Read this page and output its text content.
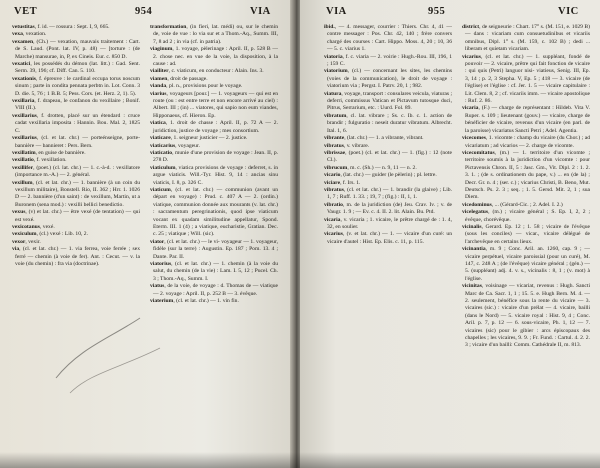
VET	954	VIA

vetustitas, f. id. — rossura : Sept. I, 9, 665.

vexa, vexation.

vexamen, (Ch.) — vexation, mauvais traitement : Cart. de S. Laud. (Pont. lat. IV, p. 48) — [torture : (de Marche) mansurae, in, P, ex Cineis. Eur. c. 850 D.

vexatici, les possédés du démon (lat. litt.) : Gad. Sent. Serm. 39, 196; cf. Diff. Can. 5. 110.

vexationis, f. épreuve : le cardinal eccupa torus noscum sinum ; parte in condita pennata perbtn in. Lot. Conn. 3 D. die. 5, 76 ; 1 B.B. 5; Pess. Cors. (et. Herz. 2, 1). 5).

vexillaria, f. drapeau, le confanon du vexillaire ; Bonif. VIII (II.).

vexillarius, f. drotten, placé sur un étendard : cruce cadat vexillaria imposita : Hannin. Bou. Mal. 2, 1825 C.

vexillarius, (cl. et lat. chr.) — porteénseigne, porte-bannière — bannieret : Pers. Bern.

vexillatim, en guise de bannière.

vexillatio, f. vexillation.

vexillifer, (poet.) (cl. lat. chr.) — 1. c.-à-d. : vexillatore (importance m.-A.) — 2. général.

vexillum, (cl. et lat. chr.) — 1. bannière (à un coin du vexillum militaire), Bonstell. Rio, II. 362 ; Hrr. 1. 1026 D — 2. bannière (d'un saint) : de vexillum, Martin, ut a Buronem (sena mod.) : vexilli bellici benedictio.

vexus, (v) et lat. chr.) — être vexé (de tentation) — qui est vexé.

vexicotanus, vexé.

vexiculum, (cl.) vexé : Lib. 10, 2.

vexor, vexir.

via, (cl. et lat. chr.) — 1. via ferrea, voie ferrée ; sex ferré — chemin (à voie de fer). Ant. : Cecut. — v. la voie (du chemin) : fra via (doctrinae).

transformation, (in fieri, lat. médi) ou, sur le chemin de, voie de vue : lo via sur et a Thom.-Aq., Summ. III, 7, 8 ad 2 ; in via (cf. in patria).

viaginum, 1. voyage, pèlerinage : April. II, p. 528 B — 2. chose nec. en vue de la voie, la disposition, à la cause : ad.

viailiter, c. viaticum, en conducteur : Alain. Ins. 3.

viamen, droit de passage.

vianda, pl. n., provisions pour le voyage.

viarius, voyageurs [pour.] — 1. voyageurs — qui est en route (ou : est entre terre et non encore arrivé au ciel) : Albert. III ; (in) ... viatores, qui sapio non eum viandes, Hipponaeus, cf. Hieron. Ep.

viatica, 1. droit de chasse : April. II, p. 72 A — 2. juridiction, justice de voyage ; mes consortium.

viaticare, 1. seigneur justicier — 2. justice.

viaticarius, voyageur.

viaticatio, munie d'une provision de voyage : Jean. II, p. 278 D.

viaticulum, viatica provisions de voyage : deferret, s. in argue viaticis. Will.-Tyr. Hist. 9, 14 : ancias sinu viaticis, I. 8, p. 326 C.

viaticum, (cl. et lat. chr.) — communion (avant un départ en voyage) : Prud. c. 407 A — 2. (ordin.) viatique, communion donnée aux mourants (v. lat. chr.) : sacramentum peregrinationis, quod ipse viaticum vocant ex quadam similitudine appellatur, Spond. Eterm. III. 1 (4) ; a viatique, eucharistie, Gratian. Dec. c. 25 ; viatique ; Will. (sic).

viator, (cl. et lat. chr.) — le vi- voyageur — 1. voyageur, fidèle (sur la terre) : Augustin. Ep. 187 ; Pom. 13. 4 ; Dante. Par. II.

viatorius, (cl. et lat. chr.) — 1. chemin (à la voie du salut, du chemin (de la vie) : Lam. I. 5, 12 ; Pucel. Ch. 3 ; Thom.-Aq., Summ. I.

viatus, de la voie, de voyage : d. Thomas de — viatique — 2. voyage : April. II, p. 252 B — 3. évêque.

viaterium, (cl. et lat. chr.) — 1. vin fin.

VIA	955	VIC

ibid., — 4. messager, courrier : Thiers. Chr. 4, 41 — contre messager : Pos. Chr. 42, 140 ; frère convers chargé des courses : Cart. Hippo. Moss. 4, 20 ; 10, 36 — 5. c. viarius 1.

viatoria, f. c. viaria — 2. voirie : Hugh.-Rou. III, 196, 1 ; 159 C.

viatorium, (cl.) — concernant les sites, les chemins (voies de la communication), le droit de voyage : viatorium via ; Pergst. I. Patrv. 20, 1 ; 982.

viatura, voyage, transport : consulares veicula, viaturas ; deferri, commissus Vatican et Pictavum tutosque duci, Pitrus, Serrarium, etc. : Uurd. Fol. 89.

vibratum, cl. lat. vibrare ; Ss. c. Ib. c. 1. action de brandir ; fulguratio : neseit duratur vibratum. Albrecht. Ital. 1, 6.

vibrante, (lat. chr.) — 1. a vibrante, vibrant.

vibratus, v. vibrare.

vibrissae, (poet.) (cl. et lat. chr.) — 1. (fig.) : 12 (note Cl.).

vibrucum, m. c. (Sh.) — n. 9, 11 — n. 2.

vicario, (lat. chr.) — guider (le pèlerin) ; pl. lettre.

viciare, f. Irs. 1.

vibratus, (cl. et lat. chr.) — 1. brandir (la glaive) ; Lib. 1, 7 ; Ruff. 1. 33. ; 19, 7 ; (fig.) : II, 1, 1.

vibratio, m. de la juridiction (de) Jeu. Crav. Iv. ; v. de Vaugr. 1. 9 ; — Ev. c. 4. II. 2. lit. Alain. Bu. Ptd.

vicaria, v. vicaria ; 1. vicaire, le prêtre chargé de : 1. 4, 32, en soulier.

vicarius, (v. et lat. chr.) — 1. — vicaire d'un curé: un vicaire d'autel : Hist. Ep. Elis. c. 11, p. 115.

district, de seigneurie : Chart. 17° s. (M. 151, e. 1029 B) — dans : vicariam cum consuetudinibus et vicariis omnibus, Dipl. 1° s. (M. 159, c. 102 B) ; dedi ... liberam et quietam vicariam.

vicarius, (cl. et lat. chr.) — 1. suppléant, fondé de pouvoir — 2. vicaire, prêtre qui fait fonction de vicaire : qui quis (Petri) languor nisi- viatieus, Senig. III, Ep. 3, 14 ; p. 2, 3 Stepha. V, Ep. 5 ; 418 — 3. vicaire (de l'église) et l'église : cf. Jer. 1. 5 — vicaire capitulaire : Lit. Clem. 8, 2 ; cf. vicariis imm. — vicaire apostolique : Ruf. 2. 86.

vicaria, (F.) — charge de représentant : Hildeb. Vita V. Ruper. s. 109 ; lieutenant (gouv.) — vicaire, charge de bénéficier de vicaire, revenus d'un vicaire (en parl. de la paroisse) vicariatus Sancti Petri ; Adel. Agentia.

vicecomes, 1. vicomte : champ du vicaire (du Chor.) ; ad vicariatum ; ad vicarios — 2. charge de vicomte.

vicecomitatus, (m.) — 1. territoire d'un vicomte ; territoire soumis à la juridiction d'un vicomte : pour Pictavensis Chron. II, 5 : Jasc. Gm., Vit. Dipl. 2 : 1. 2. 3. 1. ; (de s. ordinationem du pape, v.) ... en (de la) ; Decr. Gr. n. 4 ; (ser. c.) ; vicarius Christi, B. Beno, Mut. Deutsch. Ps. 2. 3 ; seq. ; 1. 5. Gersd. Mit. 2, 1 ; sua Diem.

vicedominus, ... (Gérard-Cic. ; 2. Adel. I. 2.)

vicelegatus, (m.) ; vicaire général ; S. Ep. I, 2, 2 ; évêque, chorévêque.

vicinalis, Gerard. Ep. 12 ; 1. 58 ; vicaire de l'évêque (sous les conciles) — vicar., vicaire délégué de l'archevêque en certains lieux.

vicinantia, m. 9 ; Conc. Aril. an. 1260, cap. 9 ; — vicaire perpétuel, vicaire paroissial (pour un curé), M. 147, c. 248 A ; (de l'évêque) vicaire général ; (gén.) — 5. (suppléant) adj. 4. v. s., vicinalis : 8, 1 ; (v. mot) à l'église.

vicinitas, voisinage — vicariat, revenus : Hugh. Sancti Marc de Ca. Sacr. 1, 1 ; 15. 5. e. Hugh Bern. M. 4. — 2. seulement, bénéfice sous la rente du vicaire — 3. vicaires (sic.) : vicaire d'un prélat — 4. vicaire, bailli (dans le Nord) — 5. vicaire royal : Hist. 9, 4 ; Conc. Aril. p. 7, p. 12 — 6. sous-vicaire, Ph. 1, 12 — 7. vicaires (sic) pour le gibier : arcs épiscopaux des chapelles ; les vicaires, 9. 9. ; Fr. Fund. : Cartul. 4. 2. 2. 3 ; vicaire d'un bailli: Comm. Cathédrale II, m. 813.
